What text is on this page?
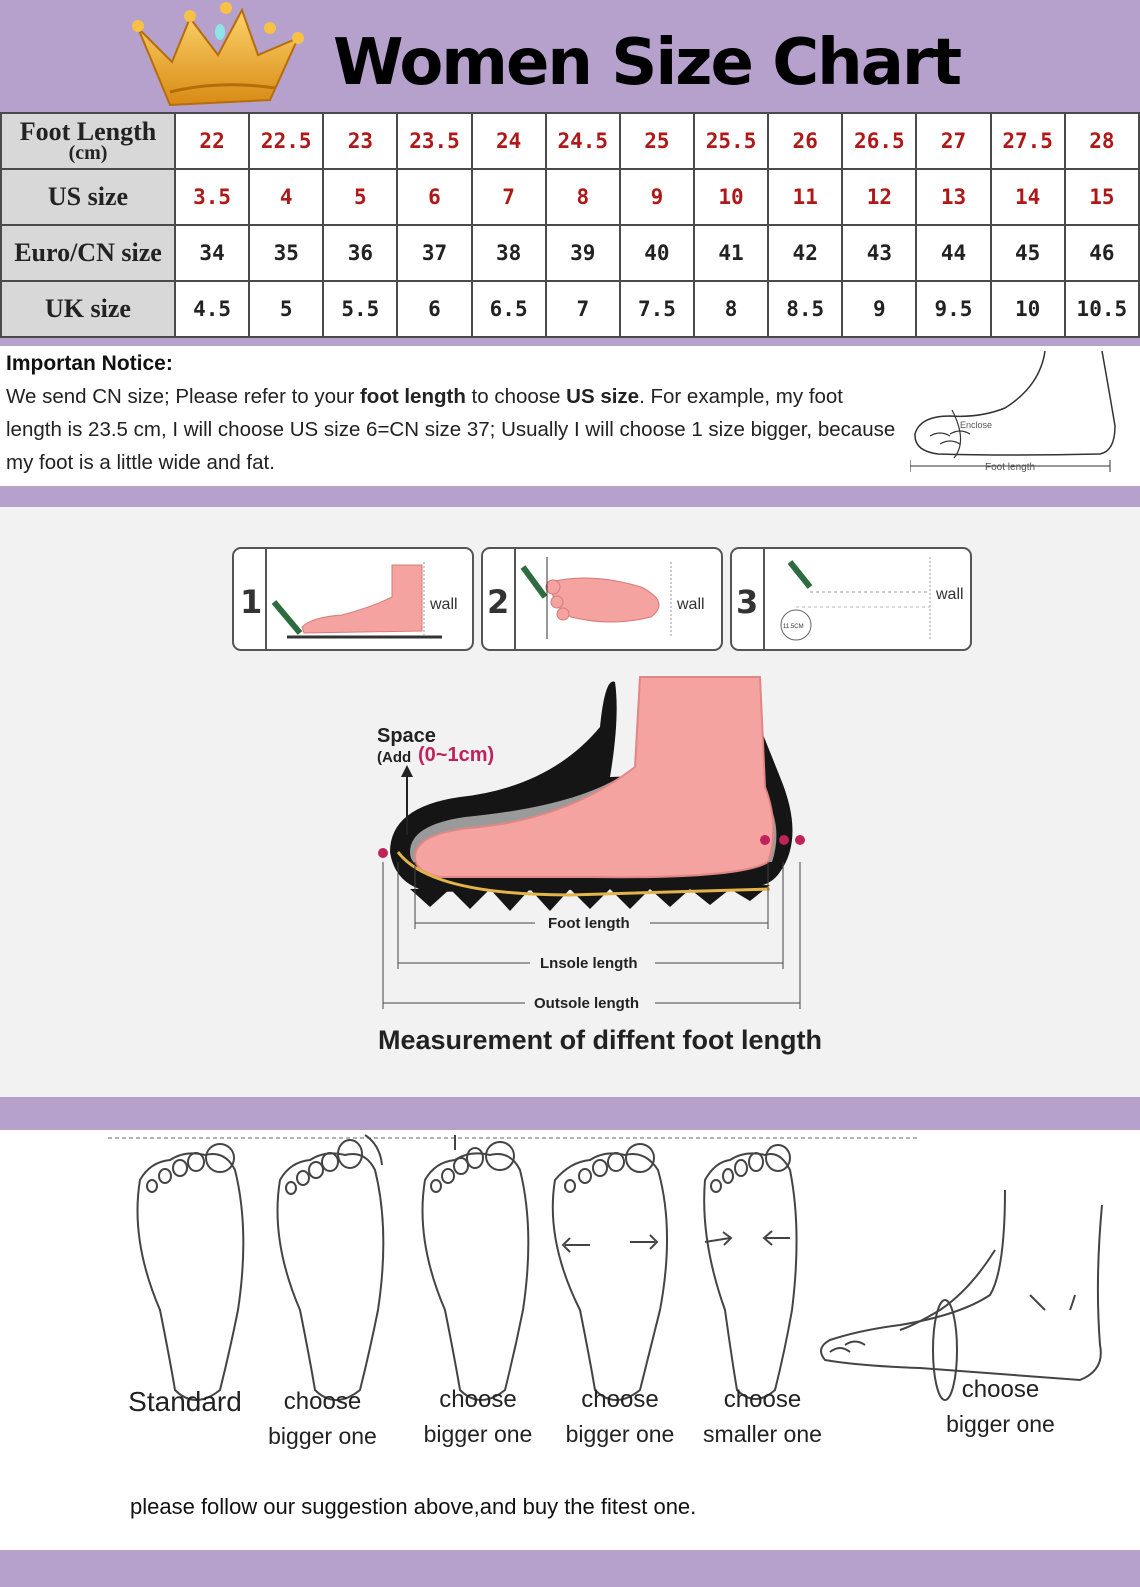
Women Size Chart
Foot Length
(cm)	22	22.5	23	23.5	24	24.5	25	25.5	26	26.5	27	27.5	28

US size	3.5	4	5	6	7	8	9	10	11	12	13	14	15

Euro/CN size	34	35	36	37	38	39	40	41	42	43	44	45	46

UK size	4.5	5	5.5	6	6.5	7	7.5	8	8.5	9	9.5	10	10.5
Importan Notice:
We send CN size; Please refer to your foot length to choose US size. For example, my foot length is 23.5 cm, I will choose US size 6=CN size 37; Usually I will choose 1 size bigger, because my foot is a little wide and fat.
Enclose
Foot length
1	wall 2	wall 3
11.5CM
wall
Space
(Add (0~1cm)
Foot length
Lnsole length
Outsole length
Measurement of diffent foot length
Standard	choose
bigger one
choose
bigger one
choose
bigger one
choose
smaller one
choose
bigger one
please follow our suggestion above,and buy the fitest one.
